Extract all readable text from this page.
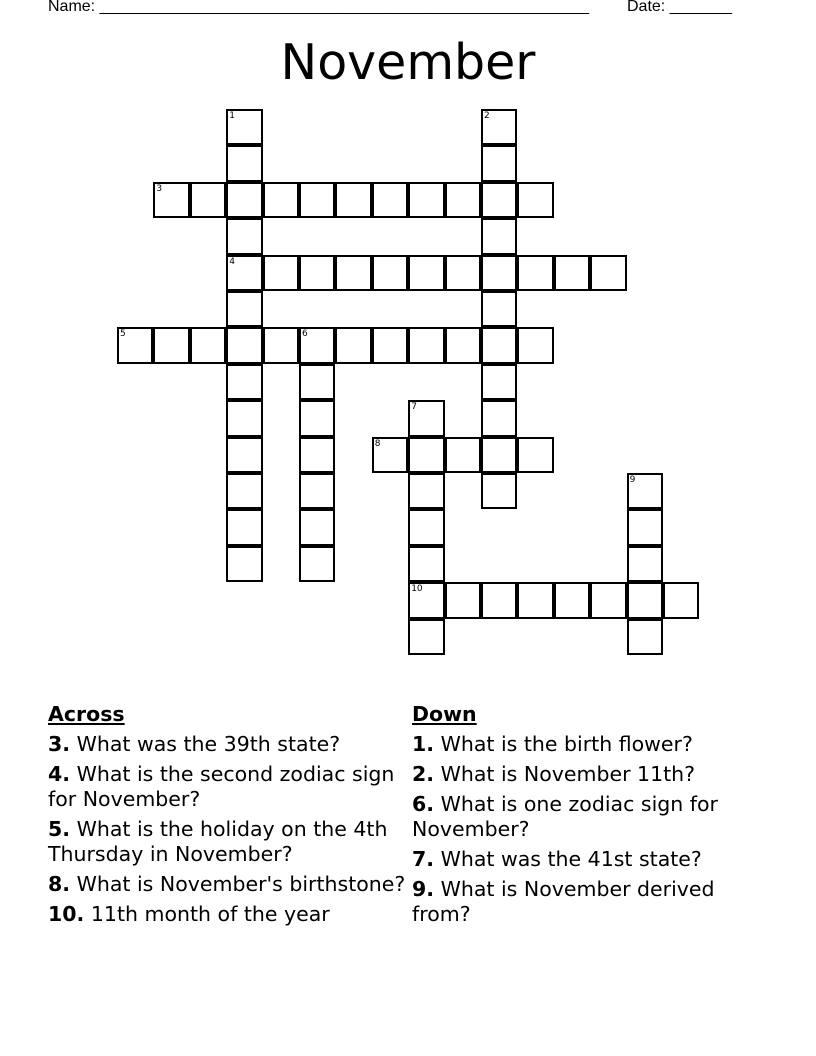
Name: _______________________________________________________ Date: _______
November
1
4
2
3
5	6
7
10
8
9
Across
3. What was the 39th state?
4. What is the second zodiac sign for November?
5. What is the holiday on the 4th Thursday in November?
8. What is November's birthstone?
10. 11th month of the year
Down
1. What is the birth flower?
2. What is November 11th?
6. What is one zodiac sign for November?
7. What was the 41st state?
9. What is November derived from?
